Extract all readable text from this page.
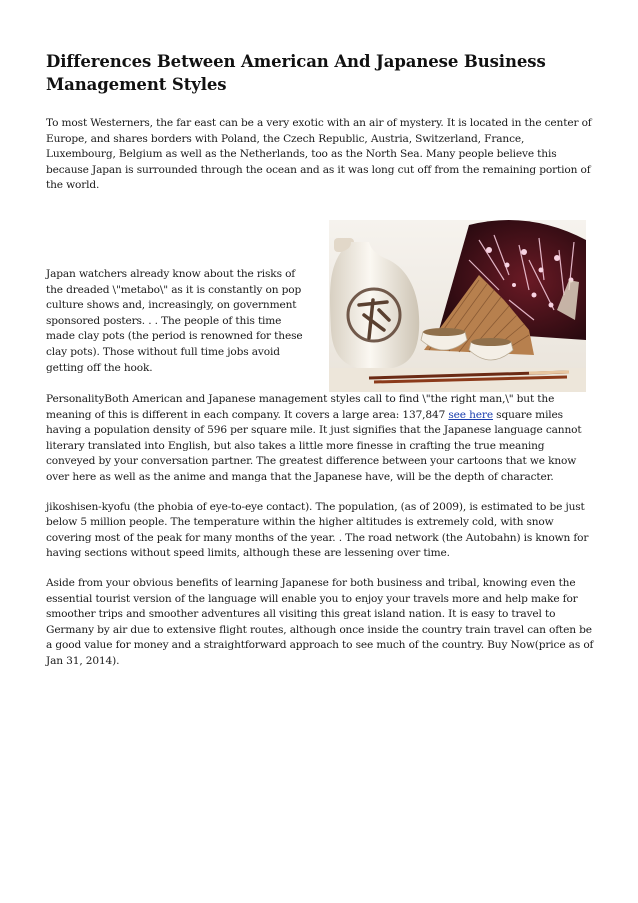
Differences Between American And Japanese Business Management Styles

To most Westerners, the far east can be a very exotic with an air of mystery. It is located in the center of Europe, and shares borders with Poland, the Czech Republic, Austria, Switzerland, France, Luxembourg, Belgium as well as the Netherlands, too as the North Sea. Many people believe this because Japan is surrounded through the ocean and as it was long cut off from the remaining portion of the world.

Japan watchers already know about the risks of the dreaded \"metabo\" as it is constantly on pop culture shows and, increasingly, on government sponsored posters. . . The people of this time made clay pots (the period is renowned for these clay pots). Those without full time jobs avoid getting off the hook.

PersonalityBoth American and Japanese management styles call to find \"the right man,\" but the meaning of this is different in each company. It covers a large area: 137,847 see here square miles having a population density of 596 per square mile. It just signifies that the Japanese language cannot literary translated into English, but also takes a little more finesse in crafting the true meaning conveyed by your conversation partner. The greatest difference between your cartoons that we know over here as well as the anime and manga that the Japanese have, will be the depth of character.

jikoshisen-kyofu (the phobia of eye-to-eye contact). The population, (as of 2009), is estimated to be just below 5 million people. The temperature within the higher altitudes is extremely cold, with snow covering most of the peak for many months of the year. . The road network (the Autobahn) is known for having sections without speed limits, although these are lessening over time.

Aside from your obvious benefits of learning Japanese for both business and tribal, knowing even the essential tourist version of the language will enable you to enjoy your travels more and help make for smoother trips and smoother adventures all visiting this great island nation. It is easy to travel to Germany by air due to extensive flight routes, although once inside the country train travel can often be a good value for money and a straightforward approach to see much of the country. Buy Now(price as of Jan 31, 2014).
